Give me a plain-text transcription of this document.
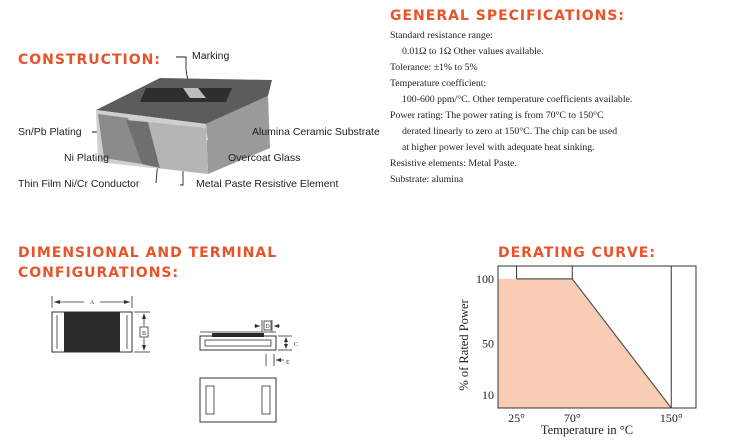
CONSTRUCTION:	Marking
Sn/Pb Plating
Ni Plating
Thin Film Ni/Cr Conductor
Alumina Ceramic Substrate
Overcoat Glass
Metal Paste Resistive Element
GENERAL SPECIFICATIONS:
Standard resistance range:
0.01Ω to 1Ω Other values available.
Tolerance: ±1% to 5%
Temperature coefficient:
100-600 ppm/°C. Other temperature coefficients available.
Power rating: The power rating is from 70°C to 150°C
derated linearly to zero at 150°C. The chip can be used
at higher power level with adequate heat sinking.
Resistive elements: Metal Paste.
Substrate: alumina
DIMENSIONAL AND TERMINAL
CONFIGURATIONS:
A
B
D
C
E
DERATING CURVE:
100
50
10
25°	70°	150°
Temperature in °C
% of Rated Power
